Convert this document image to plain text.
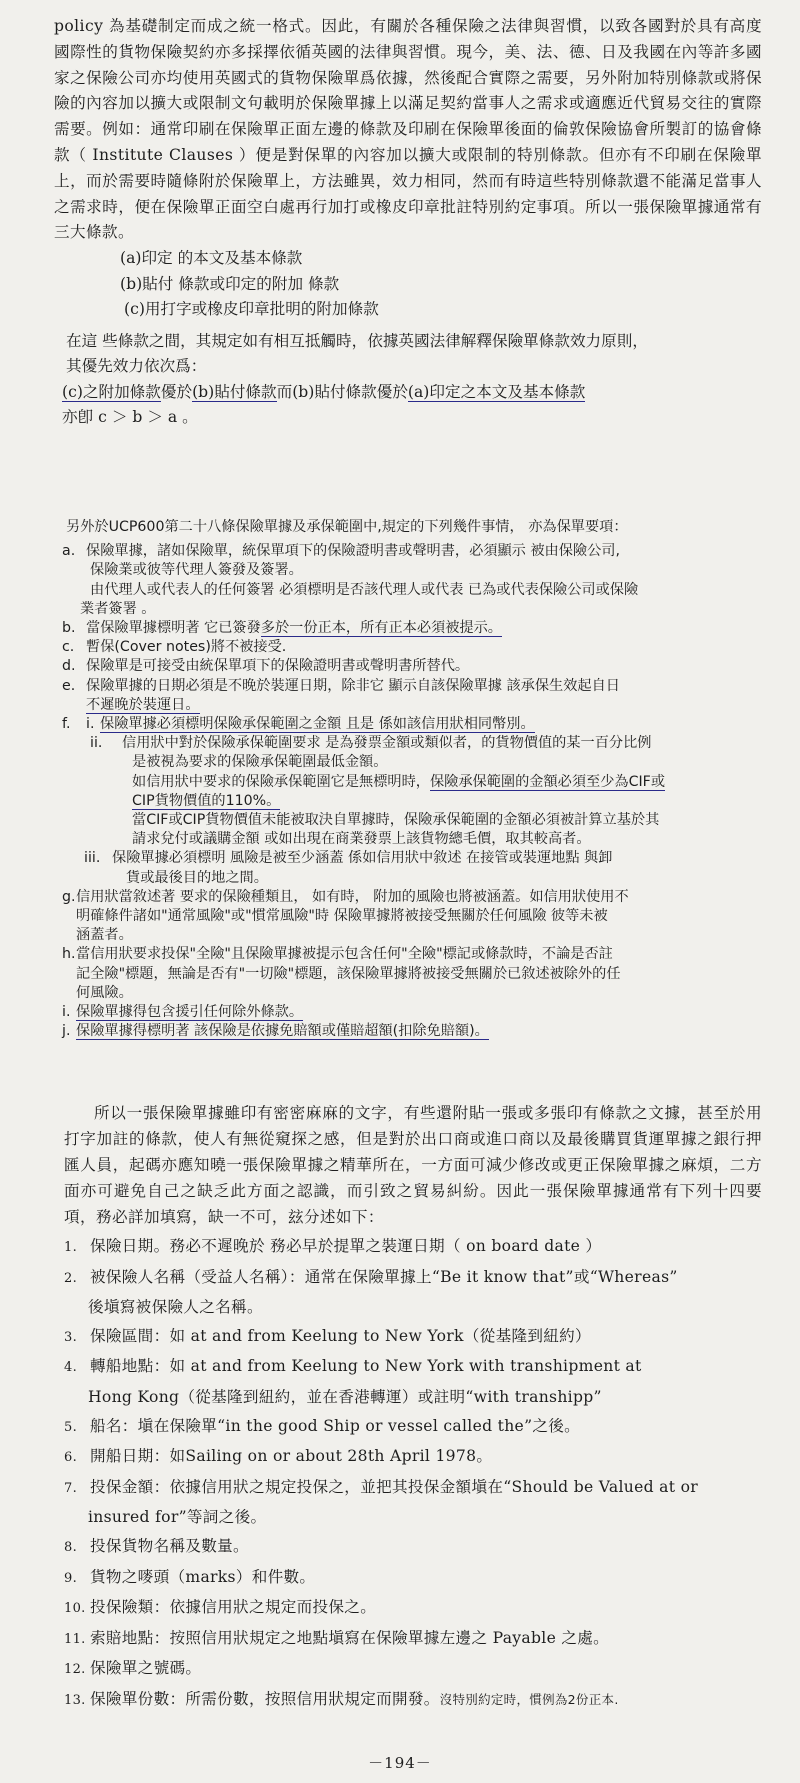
policy 為基礎制定而成之統一格式。因此，有關於各種保險之法律與習慣，以致各國對於具有高度國際性的貨物保險契約亦多採擇依循英國的法律與習慣。現今，美、法、德、日及我國在內等許多國家之保險公司亦均使用英國式的貨物保險單爲依據，然後配合實際之需要，另外附加特別條款或將保險的內容加以擴大或限制文句載明於保險單據上以滿足契約當事人之需求或適應近代貿易交往的實際需要。例如：通常印刷在保險單正面左邊的條款及印刷在保險單後面的倫敦保險協會所製訂的協會條款（ Institute Clauses ）便是對保單的內容加以擴大或限制的特別條款。但亦有不印刷在保險單上，而於需要時隨條附於保險單上，方法雖異，效力相同，然而有時這些特別條款還不能滿足當事人之需求時，便在保險單正面空白處再行加打或橡皮印章批註特別約定事項。所以一張保險單據通常有三大條款。

(a)印定 的本文及基本條款
(b)貼付 條款或印定的附加 條款
(c)用打字或橡皮印章批明的附加條款
在這 些條款之間，其規定如有相互抵觸時，依據英國法律解釋保險單條款效力原則，
其優先效力依次爲：
(c)之附加條款優於(b)貼付條款而(b)貼付條款優於(a)印定之本文及基本條款
亦卽 c ＞ b ＞ a 。
另外於UCP600第二十八條保險單據及承保範圍中,規定的下列幾件事情， 亦為保單要項：
a. 保險單據，諸如保險單，統保單項下的保險證明書或聲明書，必須顯示 被由保險公司,
保險業或彼等代理人簽發及簽署。
由代理人或代表人的任何簽署 必須標明是否該代理人或代表 已為或代表保險公司或保險
業者簽署 。
b. 當保險單據標明著 它已簽發多於一份正本，所有正本必須被提示。
c. 暫保(Cover notes)將不被接受.
d. 保險單是可接受由統保單項下的保險證明書或聲明書所替代。
e. 保險單據的日期必須是不晚於裝運日期，除非它 顯示自該保險單據 該承保生效起自日
不遲晚於裝運日。
f. i. 保險單據必須標明保險承保範圍之金額 且是 係如該信用狀相同幣別。
ii. 信用狀中對於保險承保範圍要求 是為發票金額或類似者，的貨物價值的某一百分比例
是被視為要求的保險承保範圍最低金額。
如信用狀中要求的保險承保範圍它是無標明時，保險承保範圍的金額必須至少為CIF或
CIP貨物價值的110%。
當CIF或CIP貨物價值未能被取決自單據時，保險承保範圍的金額必須被計算立基於其
請求兌付或議購金額 或如出現在商業發票上該貨物總毛價，取其較高者。
iii. 保險單據必須標明 風險是被至少涵蓋 係如信用狀中敘述 在接管或裝運地點 與卸
貨或最後目的地之間。
g.信用狀當敘述著 要求的保險種類且， 如有時， 附加的風險也將被涵蓋。如信用狀使用不
明確條件諸如"通常風險"或"慣常風險"時 保險單據將被接受無關於任何風險 彼等未被
涵蓋者。
h.當信用狀要求投保"全險"且保險單據被提示包含任何"全險"標記或條款時，不論是否註
記全險"標題，無論是否有"一切險"標題，該保險單據將被接受無關於已敘述被除外的任
何風險。
i. 保險單據得包含援引任何除外條款。
j. 保險單據得標明著 該保險是依據免賠額或僅賠超額(扣除免賠額)。

所以一張保險單據雖印有密密麻麻的文字，有些還附貼一張或多張印有條款之文據，甚至於用打字加註的條款，使人有無從窺探之感，但是對於出口商或進口商以及最後購買貨運單據之銀行押匯人員，起碼亦應知曉一張保險單據之精華所在，一方面可減少修改或更正保險單據之麻煩，二方面亦可避免自己之缺乏此方面之認識，而引致之貿易糾紛。因此一張保險單據通常有下列十四要項，務必詳加填寫，缺一不可，玆分述如下：

1. 保險日期。務必不遲晚於 務必早於提單之裝運日期（ on board date ）
2. 被保險人名稱（受益人名稱）：通常在保險單據上“Be it know that”或“Whereas”
後塡寫被保險人之名稱。
3. 保險區間：如 at and from Keelung to New York（從基隆到紐約）
4. 轉船地點：如 at and from Keelung to New York with transhipment at
Hong Kong（從基隆到紐約，並在香港轉運）或註明“with transhipp”
5. 船名：塡在保險單“in the good Ship or vessel called the”之後。
6. 開船日期：如Sailing on or about 28th April 1978。
7. 投保金額：依據信用狀之規定投保之，並把其投保金額塡在“Should be Valued at or
insured for”等詞之後。
8. 投保貨物名稱及數量。
9. 貨物之嘜頭（marks）和件數。
10. 投保險類：依據信用狀之規定而投保之。
11. 索賠地點：按照信用狀規定之地點塡寫在保險單據左邊之 Payable 之處。
12. 保險單之號碼。
13. 保險單份數：所需份數，按照信用狀規定而開發。沒特別約定時，慣例為2份正本.
－194－
